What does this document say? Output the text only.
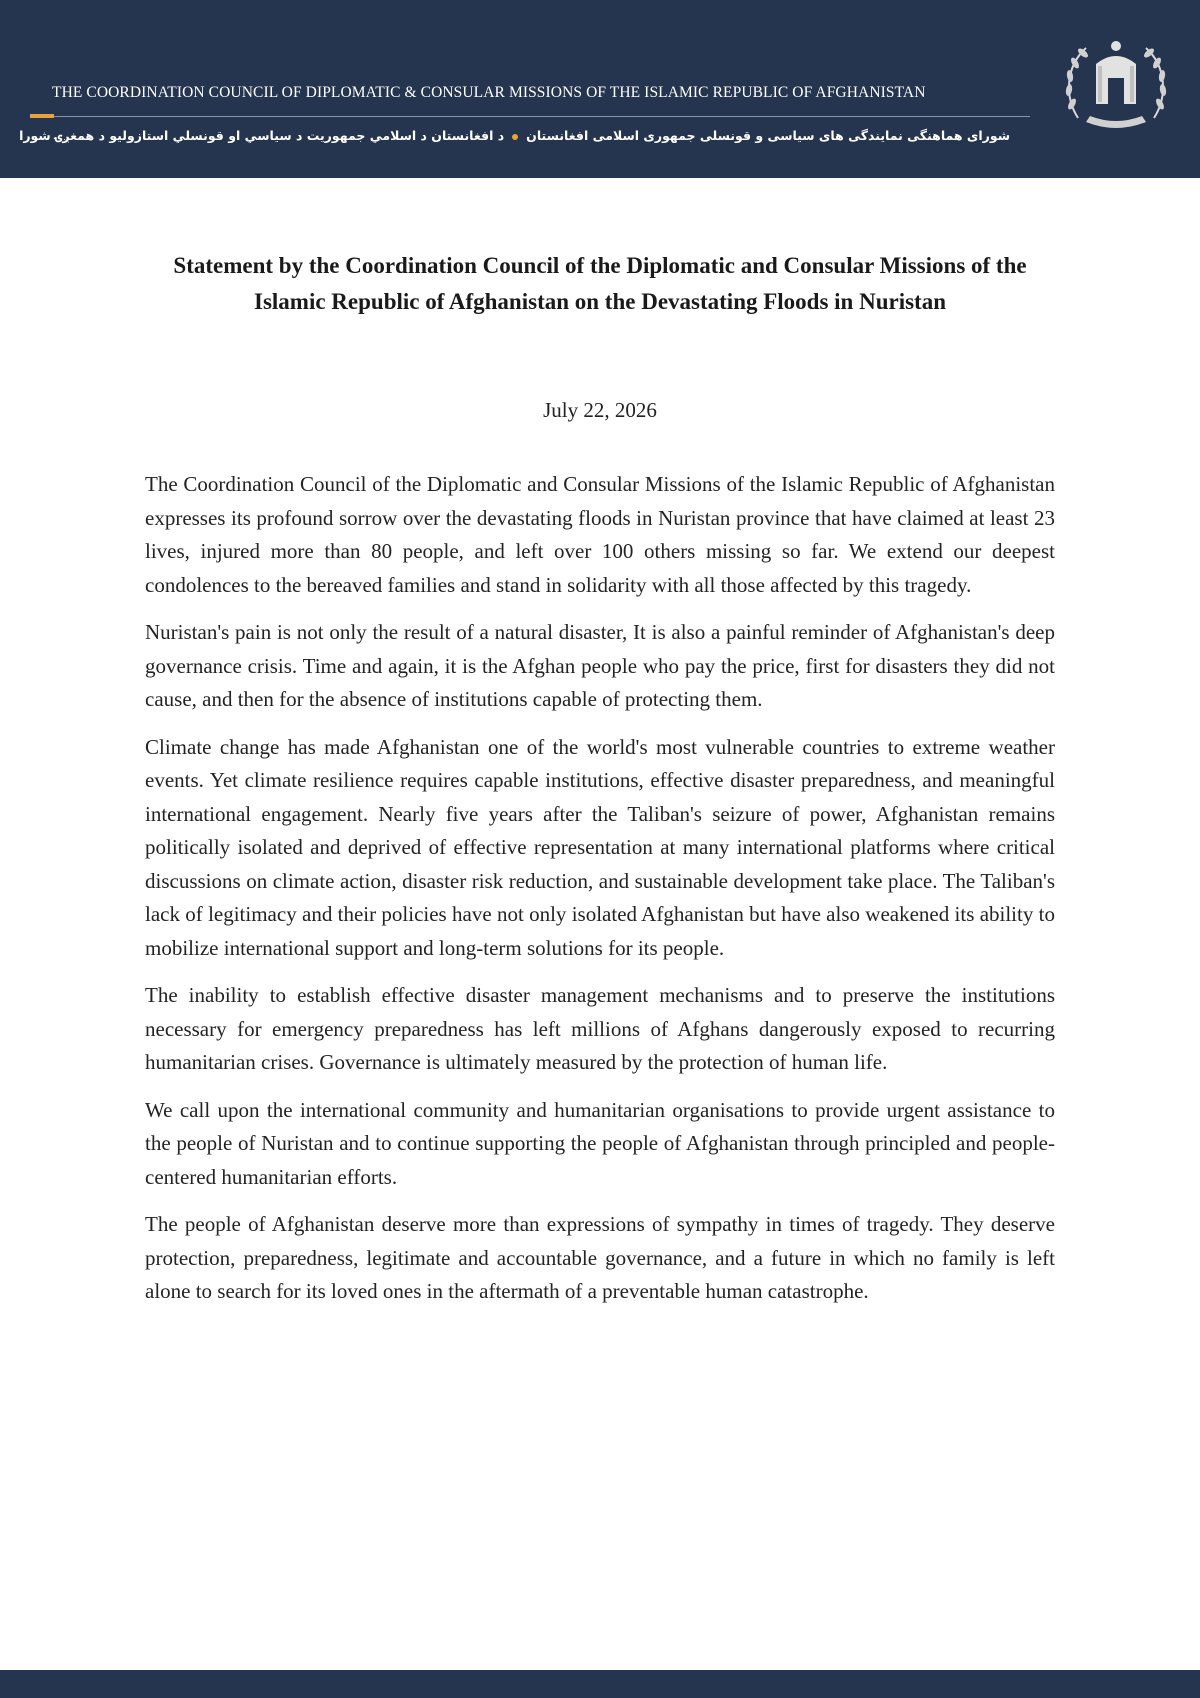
THE COORDINATION COUNCIL OF DIPLOMATIC & CONSULAR MISSIONS OF THE ISLAMIC REPUBLIC OF AFGHANISTAN
شورای هماهنگی نمایندگی های سیاسی و قونسلی جمهوری اسلامی افغانستاند افغانستان د اسلامي جمهوریت د سیاسي او قونسلي استازولیو د همغږۍ شورا
Statement by the Coordination Council of the Diplomatic and Consular Missions of the Islamic Republic of Afghanistan on the Devastating Floods in Nuristan
July 22, 2026

The Coordination Council of the Diplomatic and Consular Missions of the Islamic Republic of Afghanistan expresses its profound sorrow over the devastating floods in Nuristan province that have claimed at least 23 lives, injured more than 80 people, and left over 100 others missing so far. We extend our deepest condolences to the bereaved families and stand in solidarity with all those affected by this tragedy.

Nuristan's pain is not only the result of a natural disaster, It is also a painful reminder of Afghanistan's deep governance crisis. Time and again, it is the Afghan people who pay the price, first for disasters they did not cause, and then for the absence of institutions capable of protecting them.

Climate change has made Afghanistan one of the world's most vulnerable countries to extreme weather events. Yet climate resilience requires capable institutions, effective disaster preparedness, and meaningful international engagement. Nearly five years after the Taliban's seizure of power, Afghanistan remains politically isolated and deprived of effective representation at many international platforms where critical discussions on climate action, disaster risk reduction, and sustainable development take place. The Taliban's lack of legitimacy and their policies have not only isolated Afghanistan but have also weakened its ability to mobilize international support and long-term solutions for its people.

The inability to establish effective disaster management mechanisms and to preserve the institutions necessary for emergency preparedness has left millions of Afghans dangerously exposed to recurring humanitarian crises. Governance is ultimately measured by the protection of human life.

We call upon the international community and humanitarian organisations to provide urgent assistance to the people of Nuristan and to continue supporting the people of Afghanistan through principled and people-centered humanitarian efforts.

The people of Afghanistan deserve more than expressions of sympathy in times of tragedy. They deserve protection, preparedness, legitimate and accountable governance, and a future in which no family is left alone to search for its loved ones in the aftermath of a preventable human catastrophe.
